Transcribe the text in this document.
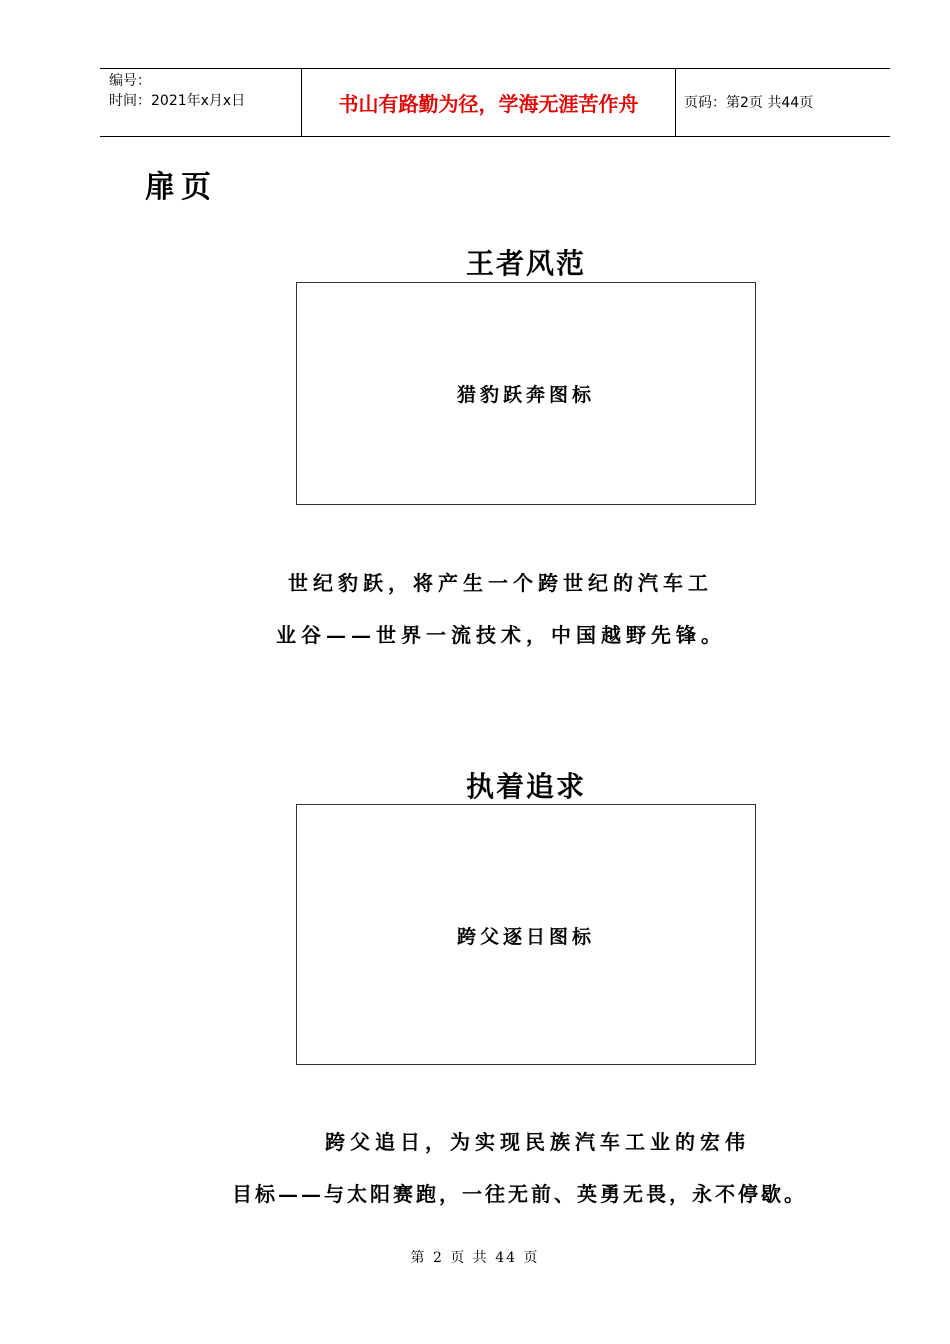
编号：
时间：2021年x月x日	书山有路勤为径，学海无涯苦作舟	页码：第2页 共44页
扉页
王者风范
猎豹跃奔图标
世纪豹跃，将产生一个跨世纪的汽车工
业谷——世界一流技术，中国越野先锋。
执着追求
跨父逐日图标
跨父追日，为实现民族汽车工业的宏伟
目标——与太阳赛跑，一往无前、英勇无畏，永不停歇。
第 2 页 共 44 页
